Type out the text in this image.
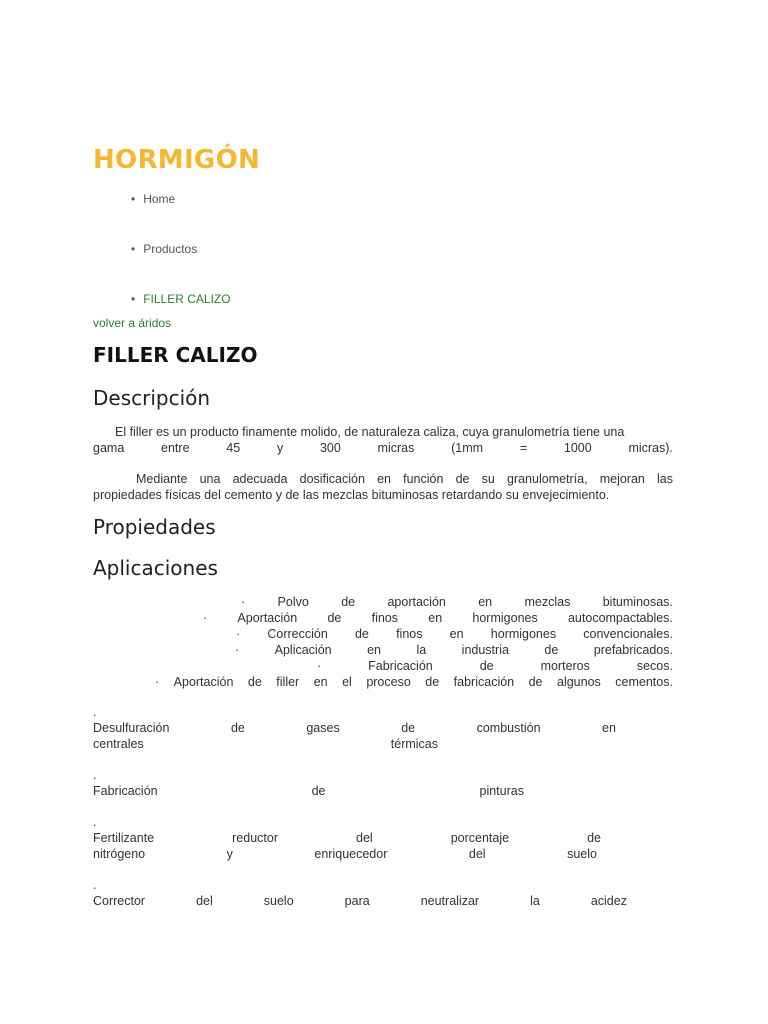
HORMIGÓN
• Home
• Productos
• FILLER CALIZO
volver a áridos
FILLER CALIZO
Descripción

El filler es un producto finamente molido, de naturaleza caliza, cuya granulometría tiene una

gama	entre	45	y	300	micras	(1mm	=	1000	micras).

Mediante una adecuada dosificación en función de su granulometría, mejoran las

propiedades físicas del cemento y de las mezclas bituminosas retardando su envejecimiento.

Propiedades
Aplicaciones
·	Polvo	de	aportación	en	mezclas	bituminosas.
· Aportación de finos en hormigones autocompactables.
· Corrección de finos en hormigones convencionales.
·	Aplicación	en	la	industria	de	prefabricados.
·	Fabricación	de	morteros	secos.
· Aportación de filler en el proceso de fabricación de algunos cementos.
.
Desulfuración	de	gases	de	combustión	en
centrales	térmicas
.
Fabricación	de	pinturas
.
Fertilizante	reductor	del	porcentaje	de
nitrógeno	y	enriquecedor	del	suelo
.
Corrector	del	suelo	para	neutralizar	la	acidez
